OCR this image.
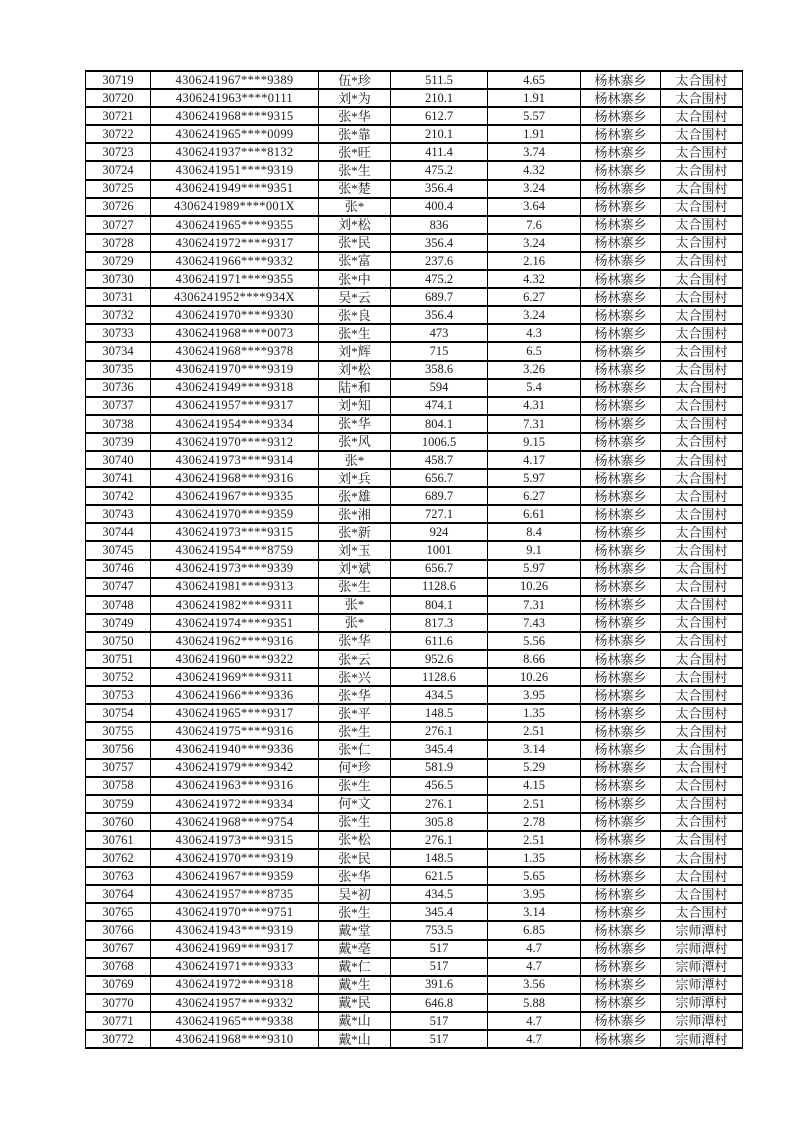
30719	4306241967****9389	伍*珍	511.5	4.65	杨林寨乡	太合围村
30720	4306241963****0111	刘*为	210.1	1.91	杨林寨乡	太合围村
30721	4306241968****9315	张*华	612.7	5.57	杨林寨乡	太合围村
30722	4306241965****0099	张*靠	210.1	1.91	杨林寨乡	太合围村
30723	4306241937****8132	张*旺	411.4	3.74	杨林寨乡	太合围村
30724	4306241951****9319	张*生	475.2	4.32	杨林寨乡	太合围村
30725	4306241949****9351	张*楚	356.4	3.24	杨林寨乡	太合围村
30726	4306241989****001X	张*	400.4	3.64	杨林寨乡	太合围村
30727	4306241965****9355	刘*松	836	7.6	杨林寨乡	太合围村
30728	4306241972****9317	张*民	356.4	3.24	杨林寨乡	太合围村
30729	4306241966****9332	张*富	237.6	2.16	杨林寨乡	太合围村
30730	4306241971****9355	张*中	475.2	4.32	杨林寨乡	太合围村
30731	4306241952****934X	吴*云	689.7	6.27	杨林寨乡	太合围村
30732	4306241970****9330	张*良	356.4	3.24	杨林寨乡	太合围村
30733	4306241968****0073	张*生	473	4.3	杨林寨乡	太合围村
30734	4306241968****9378	刘*辉	715	6.5	杨林寨乡	太合围村
30735	4306241970****9319	刘*松	358.6	3.26	杨林寨乡	太合围村
30736	4306241949****9318	陆*和	594	5.4	杨林寨乡	太合围村
30737	4306241957****9317	刘*知	474.1	4.31	杨林寨乡	太合围村
30738	4306241954****9334	张*华	804.1	7.31	杨林寨乡	太合围村
30739	4306241970****9312	张*风	1006.5	9.15	杨林寨乡	太合围村
30740	4306241973****9314	张*	458.7	4.17	杨林寨乡	太合围村
30741	4306241968****9316	刘*兵	656.7	5.97	杨林寨乡	太合围村
30742	4306241967****9335	张*雄	689.7	6.27	杨林寨乡	太合围村
30743	4306241970****9359	张*湘	727.1	6.61	杨林寨乡	太合围村
30744	4306241973****9315	张*新	924	8.4	杨林寨乡	太合围村
30745	4306241954****8759	刘*玉	1001	9.1	杨林寨乡	太合围村
30746	4306241973****9339	刘*斌	656.7	5.97	杨林寨乡	太合围村
30747	4306241981****9313	张*生	1128.6	10.26	杨林寨乡	太合围村
30748	4306241982****9311	张*	804.1	7.31	杨林寨乡	太合围村
30749	4306241974****9351	张*	817.3	7.43	杨林寨乡	太合围村
30750	4306241962****9316	张*华	611.6	5.56	杨林寨乡	太合围村
30751	4306241960****9322	张*云	952.6	8.66	杨林寨乡	太合围村
30752	4306241969****9311	张*兴	1128.6	10.26	杨林寨乡	太合围村
30753	4306241966****9336	张*华	434.5	3.95	杨林寨乡	太合围村
30754	4306241965****9317	张*平	148.5	1.35	杨林寨乡	太合围村
30755	4306241975****9316	张*生	276.1	2.51	杨林寨乡	太合围村
30756	4306241940****9336	张*仁	345.4	3.14	杨林寨乡	太合围村
30757	4306241979****9342	何*珍	581.9	5.29	杨林寨乡	太合围村
30758	4306241963****9316	张*生	456.5	4.15	杨林寨乡	太合围村
30759	4306241972****9334	何*文	276.1	2.51	杨林寨乡	太合围村
30760	4306241968****9754	张*生	305.8	2.78	杨林寨乡	太合围村
30761	4306241973****9315	张*松	276.1	2.51	杨林寨乡	太合围村
30762	4306241970****9319	张*民	148.5	1.35	杨林寨乡	太合围村
30763	4306241967****9359	张*华	621.5	5.65	杨林寨乡	太合围村
30764	4306241957****8735	吴*初	434.5	3.95	杨林寨乡	太合围村
30765	4306241970****9751	张*生	345.4	3.14	杨林寨乡	太合围村
30766	4306241943****9319	戴*堂	753.5	6.85	杨林寨乡	宗师潭村
30767	4306241969****9317	戴*亳	517	4.7	杨林寨乡	宗师潭村
30768	4306241971****9333	戴*仁	517	4.7	杨林寨乡	宗师潭村
30769	4306241972****9318	戴*生	391.6	3.56	杨林寨乡	宗师潭村
30770	4306241957****9332	戴*民	646.8	5.88	杨林寨乡	宗师潭村
30771	4306241965****9338	戴*山	517	4.7	杨林寨乡	宗师潭村
30772	4306241968****9310	戴*山	517	4.7	杨林寨乡	宗师潭村
